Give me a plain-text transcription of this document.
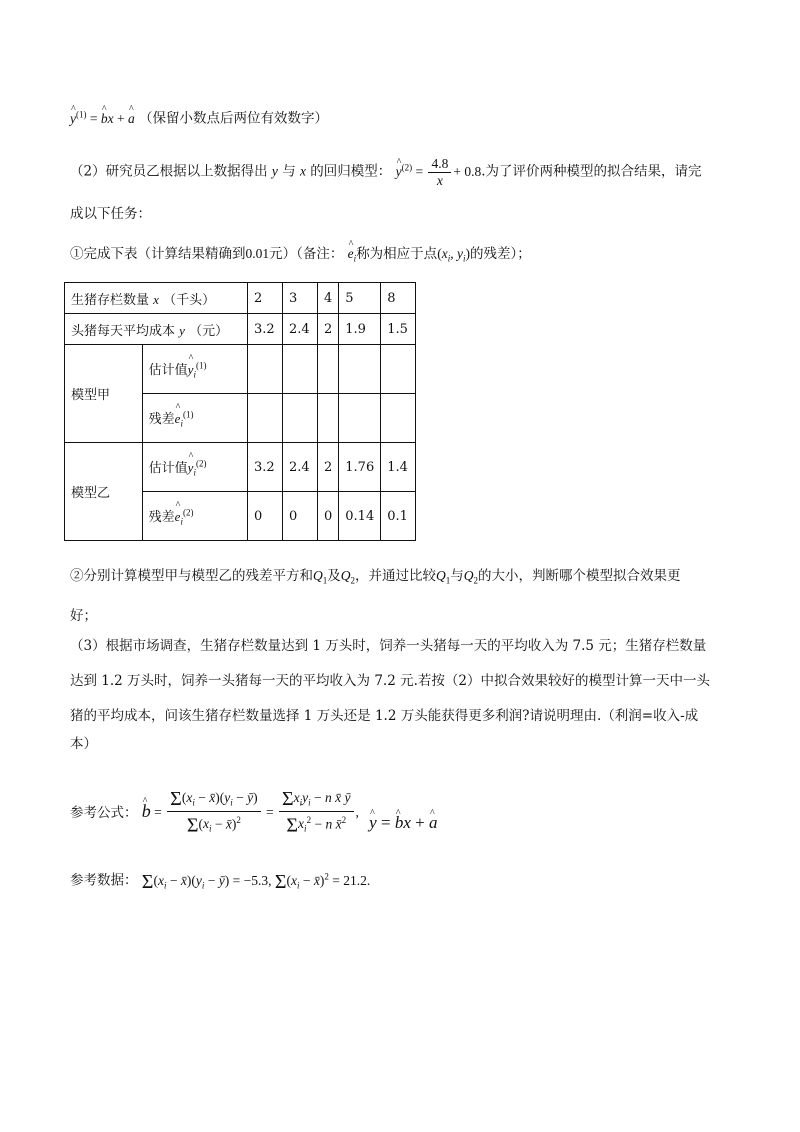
^ $y^{(1)}$ = ^ bx + ^ a （保留小数点后两位有效数字）
（2）研究员乙根据以上数据得出 y 与 x 的回归模型： ^ $y^{(2)} = \frac{4.8}{x} + 0.8$.为了评价两种模型的拟合结果，请完
成以下任务：
①完成下表（计算结果精确到0.01元）（备注： ^ $e_i$称为相应于点($x_i$, $y_i$)的残差）；
生猪存栏数量 x （千头）		2	3	4	5	8
头猪每天平均成本 y （元）		3.2	2.4	2	1.9	1.5
模型甲	估计值^ $y_i^{(1)}$					
	残差^ $e_i^{(1)}$					
模型乙	估计值^ $y_i^{(2)}$	3.2	2.4	2	1.76	1.4
	残差^ $e_i^{(2)}$	0	0	0	0.14	0.1
②分别计算模型甲与模型乙的残差平方和$Q_1$及$Q_2$，并通过比较$Q_1$与$Q_2$的大小，判断哪个模型拟合效果更
好；
（3）根据市场调查，生猪存栏数量达到 1 万头时，饲养一头猪每一天的平均收入为 7.5 元；生猪存栏数量
达到 1.2 万头时，饲养一头猪每一天的平均收入为 7.2 元.若按（2）中拟合效果较好的模型计算一天中一头
猪的平均成本，问该生猪存栏数量选择 1 万头还是 1.2 万头能获得更多利润?请说明理由.（利润=收入-成
本）
参考公式： ^ $b = \frac{\Sigma(x_i - x̄)(y_i - ȳ)}{\Sigma(x_i - x̄)^2} = \frac{\Sigma x_iy_i - n x̄ ȳ}{\Sigma x_i^2 - n x̄^2}$ , ^ y = ^ bx + ^ a
参考数据： $\Sigma(x_i$ − $x̄)(y_i$ − ȳ) = −5.3, $\Sigma(x_i$ − x̄)$^2$ = 21.2.
